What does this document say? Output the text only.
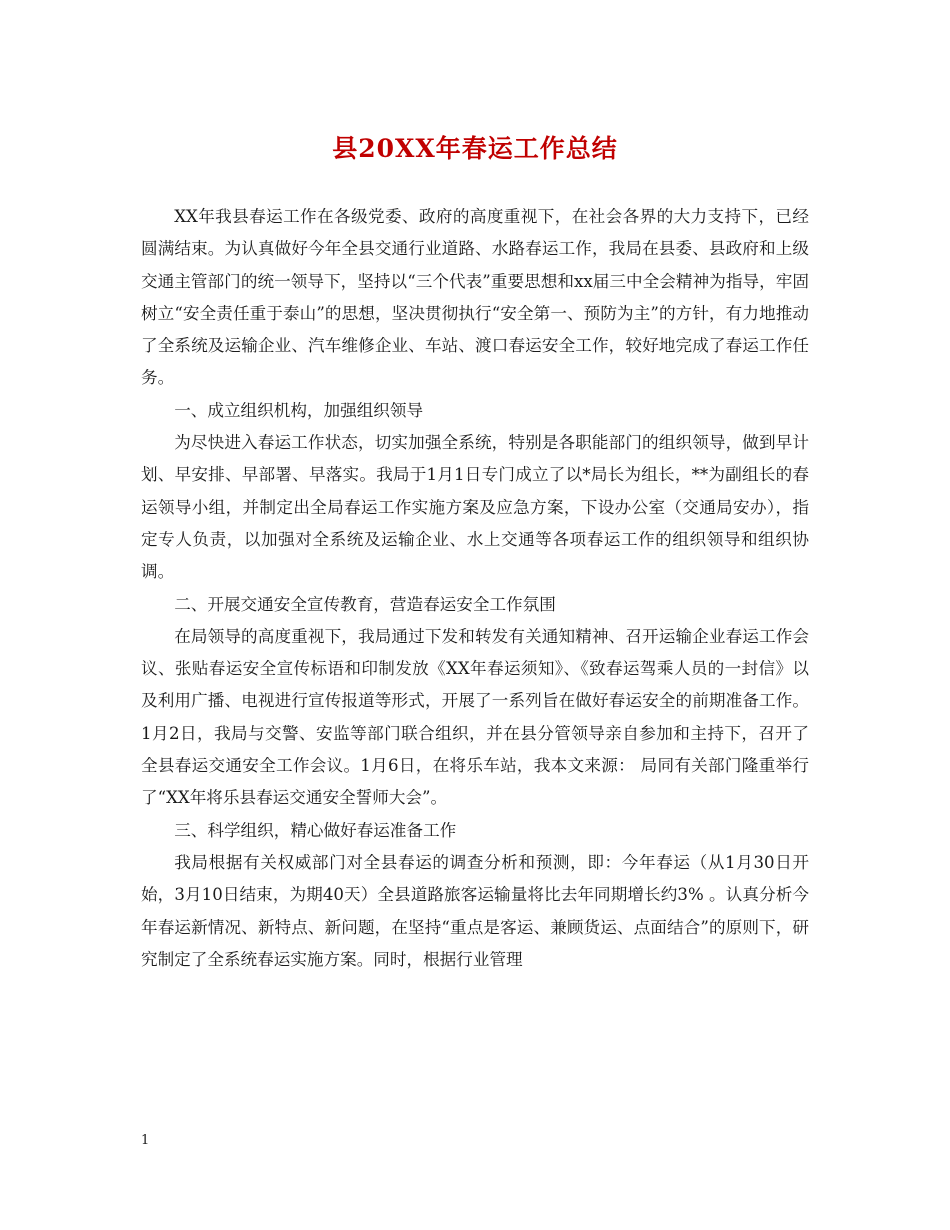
县20XX年春运工作总结

XX年我县春运工作在各级党委、政府的高度重视下，在社会各界的大力支持下，已经圆满结束。为认真做好今年全县交通行业道路、水路春运工作，我局在县委、县政府和上级交通主管部门的统一领导下，坚持以“三个代表”重要思想和xx届三中全会精神为指导，牢固树立“安全责任重于泰山”的思想，坚决贯彻执行“安全第一、预防为主”的方针，有力地推动了全系统及运输企业、汽车维修企业、车站、渡口春运安全工作，较好地完成了春运工作任务。

一、成立组织机构，加强组织领导

为尽快进入春运工作状态，切实加强全系统，特别是各职能部门的组织领导，做到早计划、早安排、早部署、早落实。我局于1月1日专门成立了以*局长为组长，**为副组长的春运领导小组，并制定出全局春运工作实施方案及应急方案，下设办公室（交通局安办），指定专人负责，以加强对全系统及运输企业、水上交通等各项春运工作的组织领导和组织协调。

二、开展交通安全宣传教育，营造春运安全工作氛围

在局领导的高度重视下，我局通过下发和转发有关通知精神、召开运输企业春运工作会议、张贴春运安全宣传标语和印制发放《XX年春运须知》、《致春运驾乘人员的一封信》以及利用广播、电视进行宣传报道等形式，开展了一系列旨在做好春运安全的前期准备工作。1月2日，我局与交警、安监等部门联合组织，并在县分管领导亲自参加和主持下，召开了全县春运交通安全工作会议。1月6日，在将乐车站，我本文来源： 局同有关部门隆重举行了“XX年将乐县春运交通安全誓师大会”。

三、科学组织，精心做好春运准备工作

我局根据有关权威部门对全县春运的调查分析和预测，即：今年春运（从1月30日开始，3月10日结束，为期40天）全县道路旅客运输量将比去年同期增长约3% 。认真分析今年春运新情况、新特点、新问题，在坚持“重点是客运、兼顾货运、点面结合”的原则下，研究制定了全系统春运实施方案。同时，根据行业管理

1
